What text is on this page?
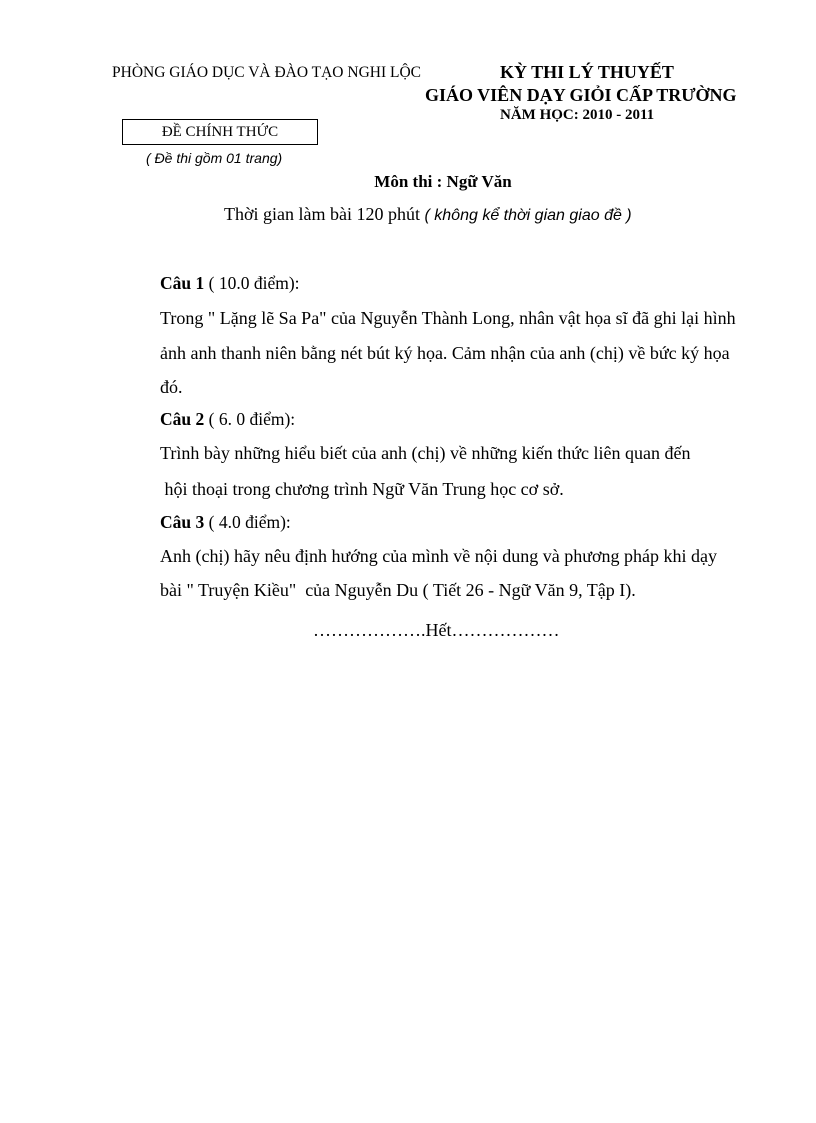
PHÒNG GIÁO DỤC VÀ ĐÀO TẠO NGHI LỘC	KỲ THI LÝ THUYẾT
GIÁO VIÊN DẠY GIỎI CẤP TRƯỜNG
NĂM HỌC: 2010 - 2011
ĐỀ CHÍNH THỨC
( Đề thi gồm 01 trang)
Môn thi : Ngữ Văn
Thời gian làm bài 120 phút ( không kể thời gian giao đề )
Câu 1 ( 10.0 điểm):
Trong " Lặng lẽ Sa Pa" của Nguyễn Thành Long, nhân vật họa sĩ đã ghi lại hình
ảnh anh thanh niên bằng nét bút ký họa. Cảm nhận của anh (chị) về bức ký họa
đó.
Câu 2 ( 6. 0 điểm):
Trình bày những hiểu biết của anh (chị) về những kiến thức liên quan đến
hội thoại trong chương trình Ngữ Văn Trung học cơ sở.
Câu 3 ( 4.0 điểm):
Anh (chị) hãy nêu định hướng của mình về nội dung và phương pháp khi dạy
bài " Truyện Kiều"  của Nguyễn Du ( Tiết 26 - Ngữ Văn 9, Tập I).
……………….Hết………………
